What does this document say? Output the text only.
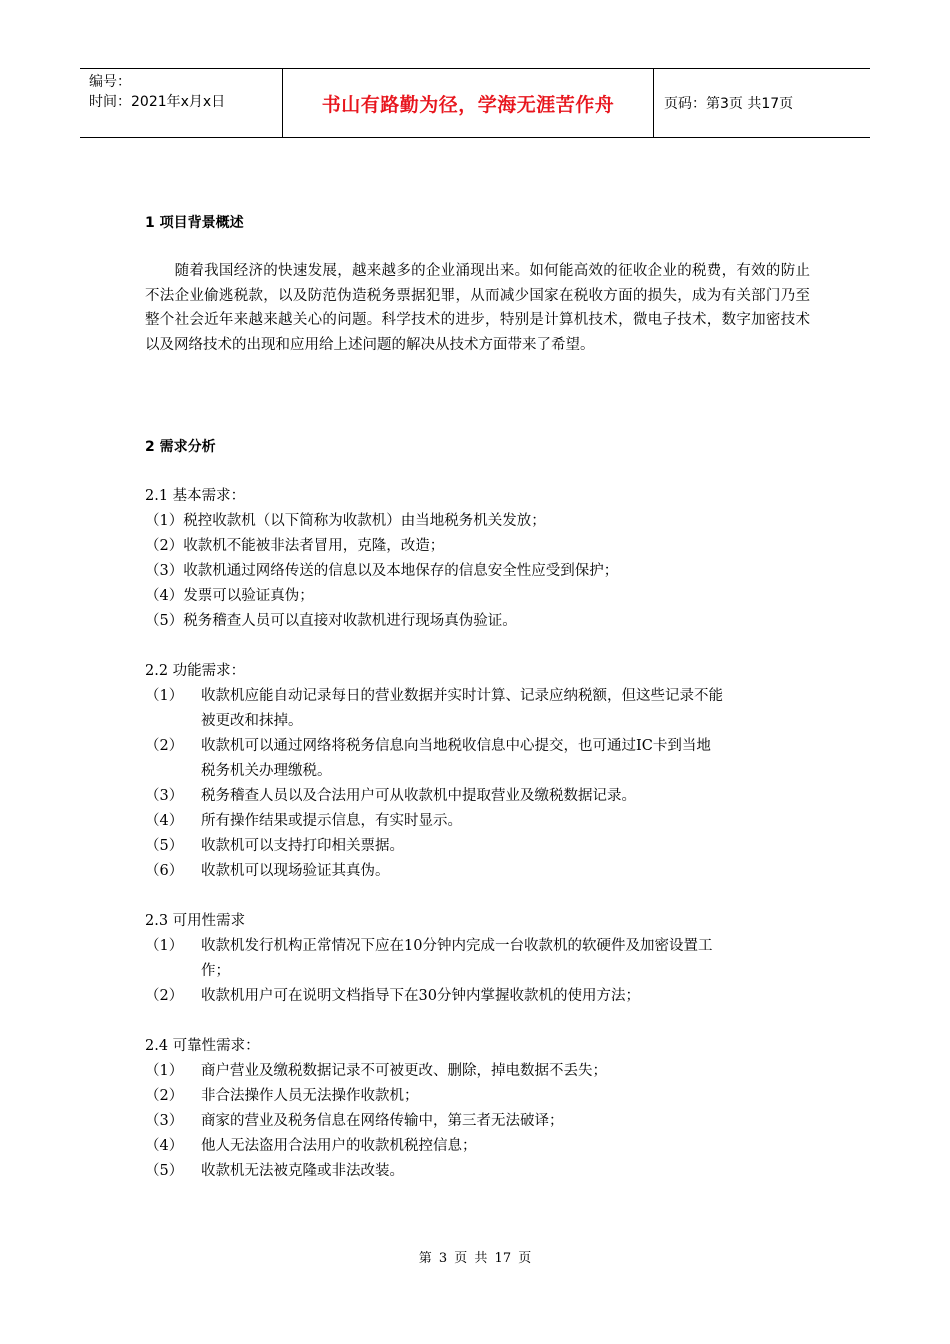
编号：
时间：2021年x月x日	书山有路勤为径，学海无涯苦作舟	页码：第3页 共17页
1 项目背景概述
　　随着我国经济的快速发展，越来越多的企业涌现出来。如何能高效的征收企业的税费，有效的防止不法企业偷逃税款，以及防范伪造税务票据犯罪，从而减少国家在税收方面的损失，成为有关部门乃至整个社会近年来越来越关心的问题。科学技术的进步，特别是计算机技术，微电子技术，数字加密技术以及网络技术的出现和应用给上述问题的解决从技术方面带来了希望。
2 需求分析
2.1 基本需求：
（1）税控收款机（以下简称为收款机）由当地税务机关发放；
（2）收款机不能被非法者冒用，克隆，改造；
（3）收款机通过网络传送的信息以及本地保存的信息安全性应受到保护；
（4）发票可以验证真伪；
（5）税务稽查人员可以直接对收款机进行现场真伪验证。
2.2 功能需求：
（1） 收款机应能自动记录每日的营业数据并实时计算、记录应纳税额，但这些记录不能
被更改和抹掉。
（2） 收款机可以通过网络将税务信息向当地税收信息中心提交，也可通过IC卡到当地
税务机关办理缴税。
（3） 税务稽查人员以及合法用户可从收款机中提取营业及缴税数据记录。
（4） 所有操作结果或提示信息，有实时显示。
（5） 收款机可以支持打印相关票据。
（6） 收款机可以现场验证其真伪。
2.3 可用性需求
（1） 收款机发行机构正常情况下应在10分钟内完成一台收款机的软硬件及加密设置工
作；
（2） 收款机用户可在说明文档指导下在30分钟内掌握收款机的使用方法；
2.4 可靠性需求：
（1） 商户营业及缴税数据记录不可被更改、删除，掉电数据不丢失；
（2） 非合法操作人员无法操作收款机；
（3） 商家的营业及税务信息在网络传输中，第三者无法破译；
（4） 他人无法盗用合法用户的收款机税控信息；
（5） 收款机无法被克隆或非法改装。
第 3 页 共 17 页
